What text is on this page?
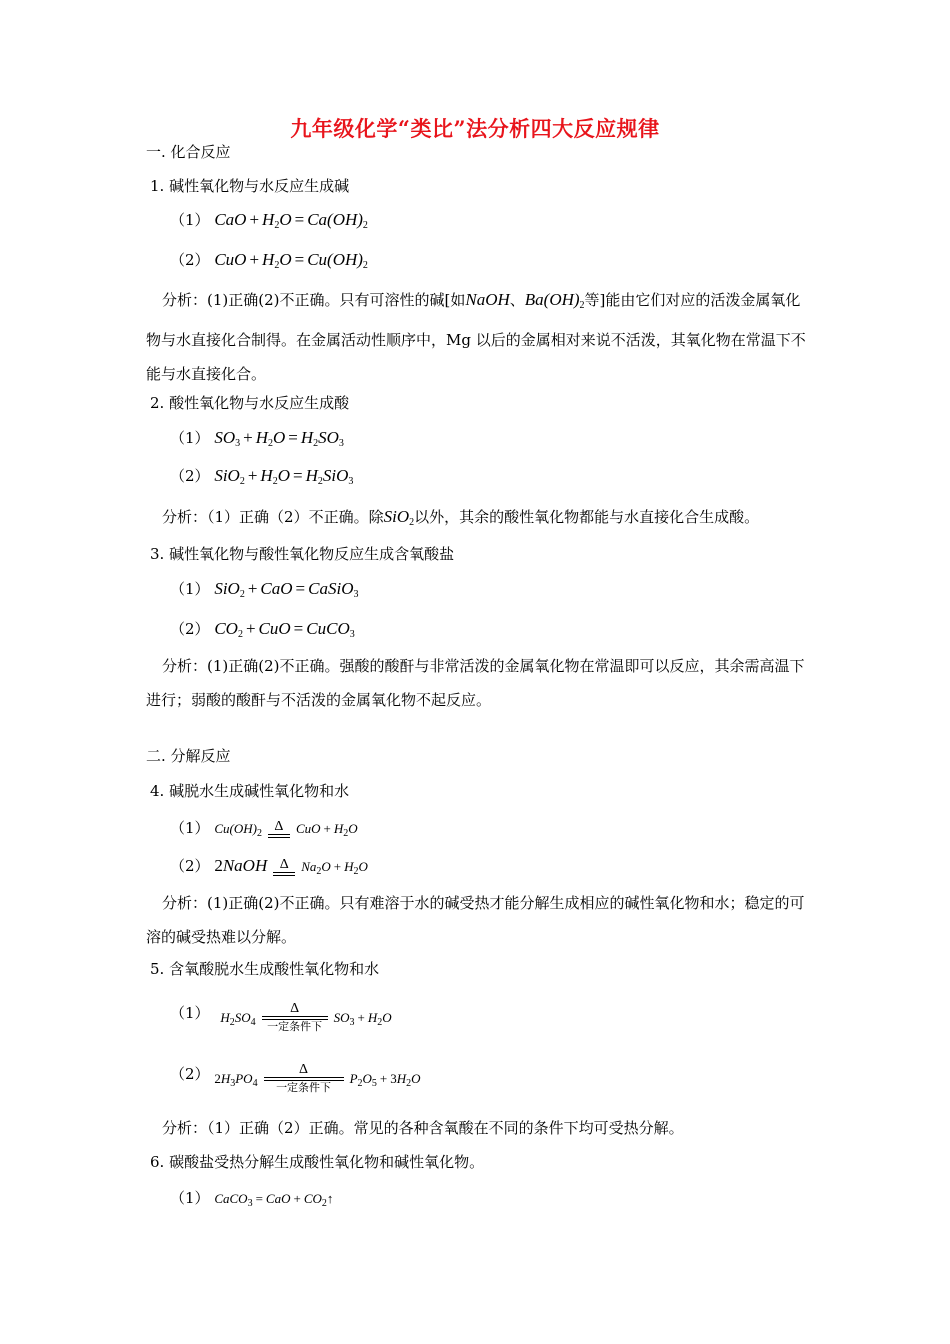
九年级化学“类比”法分析四大反应规律
一. 化合反应
1. 碱性氧化物与水反应生成碱
（1） CaO + $H_2O = Ca(OH)_2$
（2） CuO + $H_2O = Cu(OH)_2$
分析：(1)正确(2)不正确。只有可溶性的碱[如NaOH、$Ba(OH)_2$等]能由它们对应的活泼金属氧化物与水直接化合制得。在金属活动性顺序中，Mg 以后的金属相对来说不活泼，其氧化物在常温下不能与水直接化合。
2. 酸性氧化物与水反应生成酸
（1） $SO_3 + H_2O = H_2SO_3$
（2） $SiO_2 + H_2O = H_2SiO_3$
分析：（1）正确（2）不正确。除SiO$_2$以外，其余的酸性氧化物都能与水直接化合生成酸。
3. 碱性氧化物与酸性氧化物反应生成含氧酸盐
（1） SiO$_2$ + CaO = CaSiO$_3$
（2） $CO_2$ + CuO = CuCO$_3$
分析：(1)正确(2)不正确。强酸的酸酐与非常活泼的金属氧化物在常温即可以反应，其余需高温下进行；弱酸的酸酐与不活泼的金属氧化物不起反应。
二. 分解反应
4. 碱脱水生成碱性氧化物和水
（1） $Cu(OH)_2$ Δ CuO + $H_2O$
（2） 2NaOH Δ $Na_2O + H_2O$
分析：(1)正确(2)不正确。只有难溶于水的碱受热才能分解生成相应的碱性氧化物和水；稳定的可溶的碱受热难以分解。
5. 含氧酸脱水生成酸性氧化物和水
（1） $H_2SO_4$
Δ
一定条件下
$SO_3 + H_2O$
（2） $2H_3PO_4$
Δ
一定条件下
$P_2O_5 + 3H_2O$
分析：（1）正确（2）正确。常见的各种含氧酸在不同的条件下均可受热分解。
6. 碳酸盐受热分解生成酸性氧化物和碱性氧化物。
（1） CaCO$_3$ = CaO + $CO_2↑$
